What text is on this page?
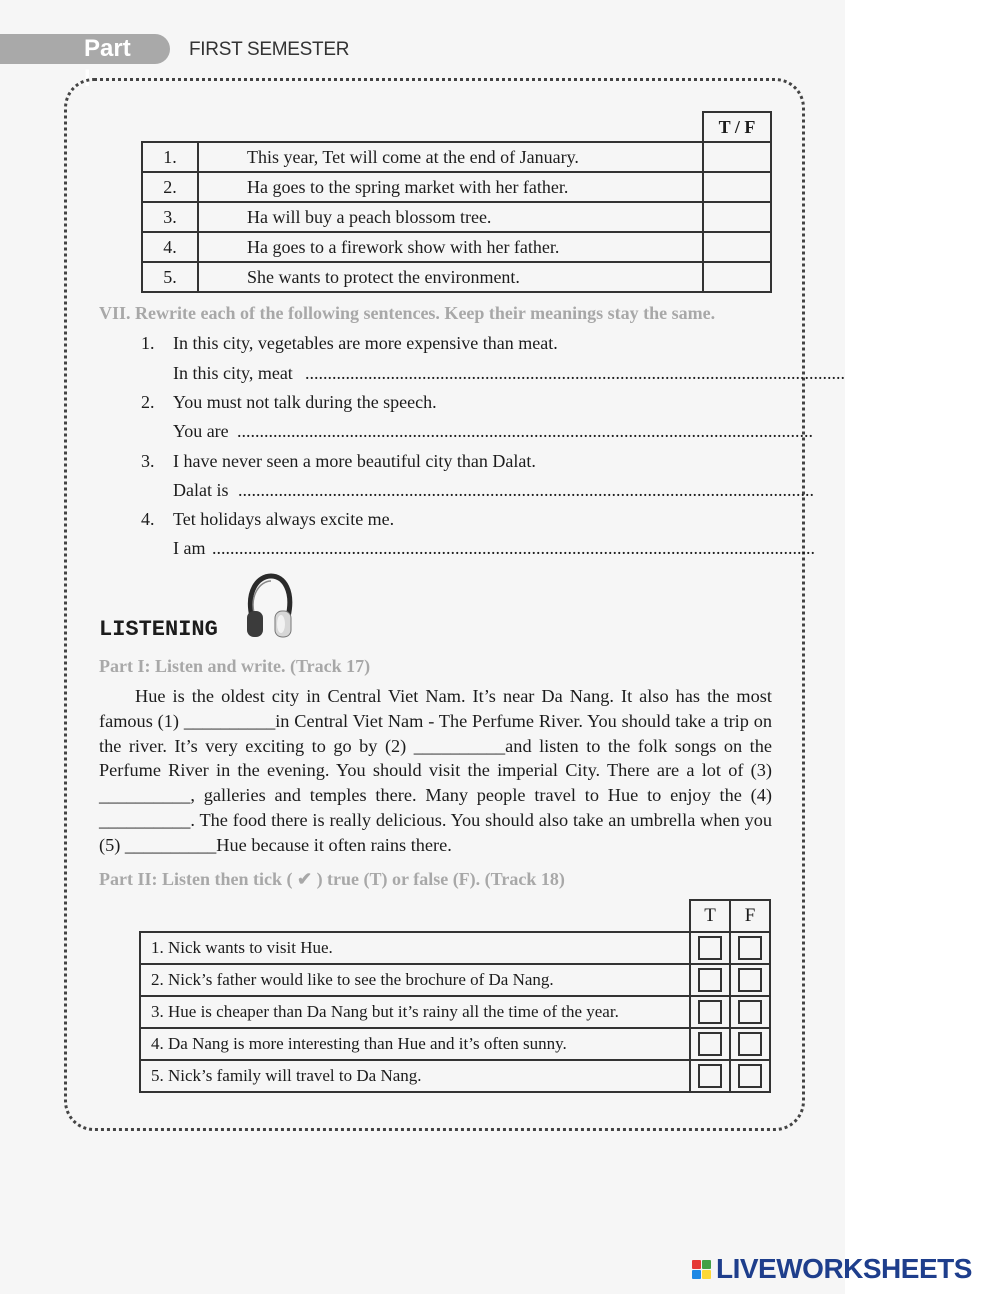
Part I
FIRST SEMESTER
		T / F
1.	This year, Tet will come at the end of January.	
2.	Ha goes to the spring market with her father.	
3.	Ha will buy a peach blossom tree.	
4.	Ha goes to a firework show with her father.	
5.	She wants to protect the environment.	
VII. Rewrite each of the following sentences. Keep their meanings stay the same.
1. In this city, vegetables are more expensive than meat.
In this city, meat ........................................................................................................................
2. You must not talk during the speech.
You are ................................................................................................................................
3. I have never seen a more beautiful city than Dalat.
Dalat is ................................................................................................................................
4. Tet holidays always excite me.
I am ......................................................................................................................................
LISTENING
Part I: Listen and write. (Track 17)
Hue is the oldest city in Central Viet Nam. It’s near Da Nang. It also has the most famous (1) __________in Central Viet Nam - The Perfume River. You should take a trip on the river. It’s very exciting to go by (2) __________and listen to the folk songs on the Perfume River in the evening. You should visit the imperial City. There are a lot of (3) __________, galleries and temples there. Many people travel to Hue to enjoy the (4) __________. The food there is really delicious. You should also take an umbrella when you (5) __________Hue because it often rains there.
Part II: Listen then tick ( ✔ ) true (T) or false (F). (Track 18)
	T	F
1. Nick wants to visit Hue.		
2. Nick’s father would like to see the brochure of Da Nang.		
3. Hue is cheaper than Da Nang but it’s rainy all the time of the year.		
4. Da Nang is more interesting than Hue and it’s often sunny.		
5. Nick’s family will travel to Da Nang.		
LIVEWORKSHEETS
